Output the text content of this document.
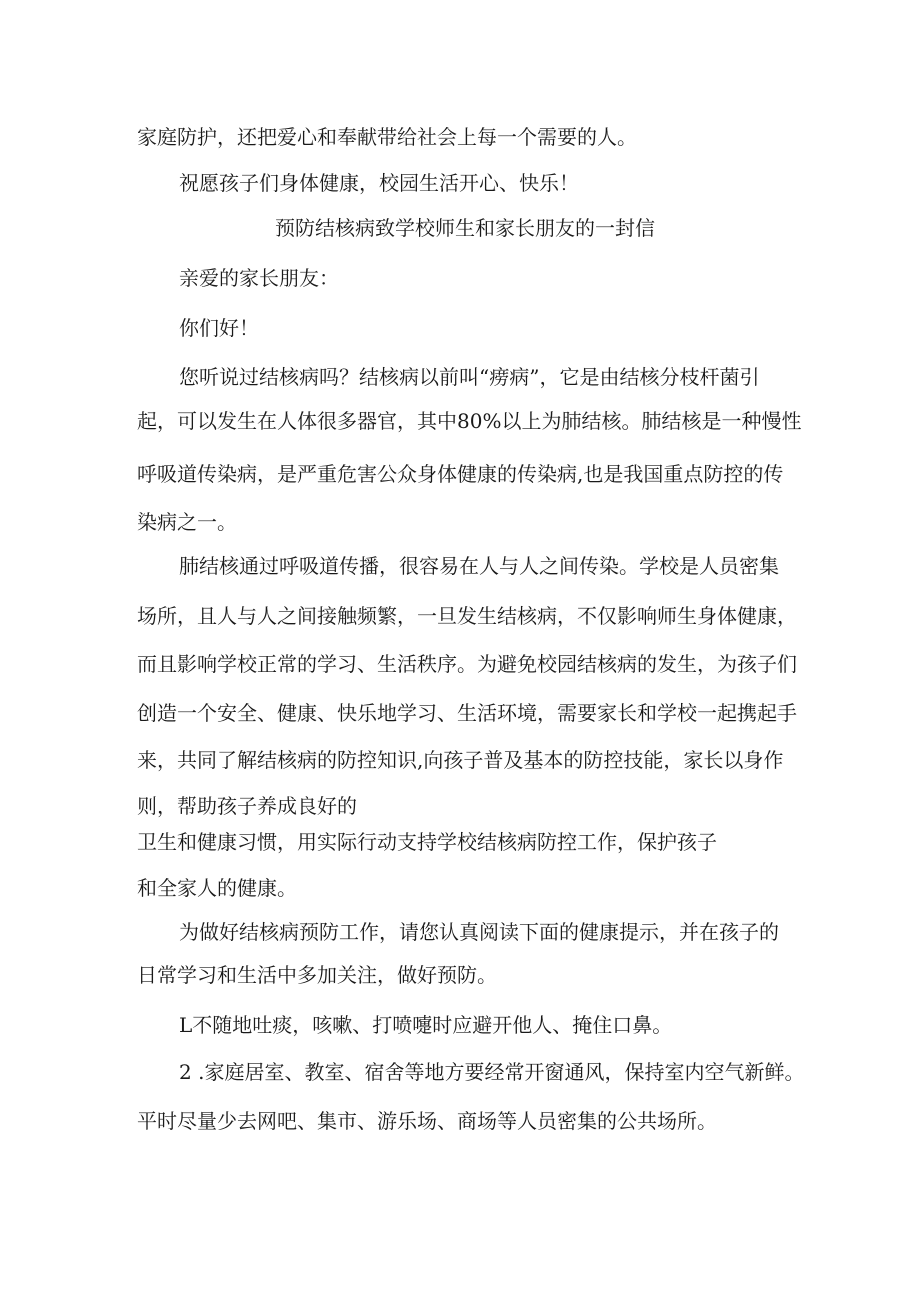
家庭防护，还把爱心和奉献带给社会上每一个需要的人。
祝愿孩子们身体健康，校园生活开心、快乐！
预防结核病致学校师生和家长朋友的一封信
亲爱的家长朋友：
你们好！
您听说过结核病吗？结核病以前叫“痨病”，它是由结核分枝杆菌引
起，可以发生在人体很多器官，其中80%以上为肺结核。肺结核是一种慢性
呼吸道传染病，是严重危害公众身体健康的传染病,也是我国重点防控的传
染病之一。
肺结核通过呼吸道传播，很容易在人与人之间传染。学校是人员密集
场所，且人与人之间接触频繁，一旦发生结核病，不仅影响师生身体健康，
而且影响学校正常的学习、生活秩序。为避免校园结核病的发生，为孩子们
创造一个安全、健康、快乐地学习、生活环境，需要家长和学校一起携起手
来，共同了解结核病的防控知识,向孩子普及基本的防控技能，家长以身作
则，帮助孩子养成良好的
卫生和健康习惯，用实际行动支持学校结核病防控工作，保护孩子
和全家人的健康。
为做好结核病预防工作，请您认真阅读下面的健康提示，并在孩子的
日常学习和生活中多加关注，做好预防。
L不随地吐痰，咳嗽、打喷嚏时应避开他人、掩住口鼻。
2 .家庭居室、教室、宿舍等地方要经常开窗通风，保持室内空气新鲜。
平时尽量少去网吧、集市、游乐场、商场等人员密集的公共场所。
